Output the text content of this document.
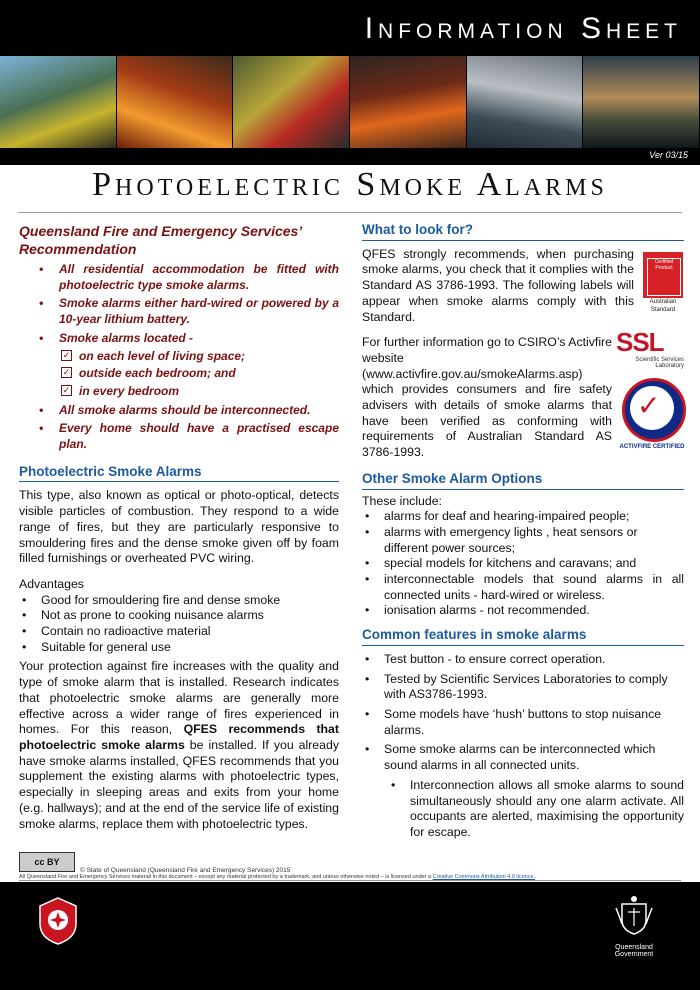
Information Sheet
Ver 03/15
Photoelectric Smoke Alarms
Queensland Fire and Emergency Services’ Recommendation
• All residential accommodation be fitted with photoelectric type smoke alarms.
• Smoke alarms either hard-wired or powered by a 10-year lithium battery.
• Smoke alarms located -
✓ on each level of living space;
✓ outside each bedroom; and
✓ in every bedroom
• All smoke alarms should be interconnected.
• Every home should have a practised escape plan.
Photoelectric Smoke Alarms

This type, also known as optical or photo-optical, detects visible particles of combustion. They respond to a wide range of fires, but they are particularly responsive to smouldering fires and the dense smoke given off by foam filled furnishings or overheated PVC wiring.

Advantages
• Good for smouldering fire and dense smoke
• Not as prone to cooking nuisance alarms
• Contain no radioactive material
• Suitable for general use

Your protection against fire increases with the quality and type of smoke alarm that is installed. Research indicates that photoelectric smoke alarms are generally more effective across a wider range of fires experienced in homes. For this reason, QFES recommends that photoelectric smoke alarms be installed. If you already have smoke alarms installed, QFES recommends that you supplement the existing alarms with photoelectric types, especially in sleeping areas and exits from your home (e.g. hallways); and at the end of the service life of existing smoke alarms, replace them with photoelectric types.

What to look for?

QFES strongly recommends, when purchasing smoke alarms, you check that it complies with the Standard AS 3786-1993. The following labels will appear when smoke alarms comply with this Standard.

For further information go to CSIRO’s Activfire website (www.activfire.gov.au/smokeAlarms.asp) which provides consumers and fire safety advisers with details of smoke alarms that have been verified as conforming with requirements of Australian Standard AS 3786-1993.

Other Smoke Alarm Options
These include:
• alarms for deaf and hearing-impaired people;
• alarms with emergency lights , heat sensors or different power sources;
• special models for kitchens and caravans; and
• interconnectable models that sound alarms in all connected units - hard-wired or wireless.
• ionisation alarms - not recommended.
Common features in smoke alarms
• Test button - to ensure correct operation.
• Tested by Scientific Services Laboratories to comply with AS3786-1993.
• Some models have ‘hush’ buttons to stop nuisance alarms.
• Some smoke alarms can be interconnected which sound alarms in all connected units.
• Interconnection allows all smoke alarms to sound simultaneously should any one alarm activate. All occupants are alerted, maximising the opportunity for escape.
Certified Product
Australian Standard
SSL
Scientific Services Laboratory
✓
ACTIVFIRE CERTIFIED
cc BY
© State of Queensland (Queensland Fire and Emergency Services) 2015
All Queensland Fire and Emergency Services material in this document – except any material protected by a trademark, and unless otherwise noted – is licensed under a Creative Commons Attribution 4.0 licence.
Queensland
Government
